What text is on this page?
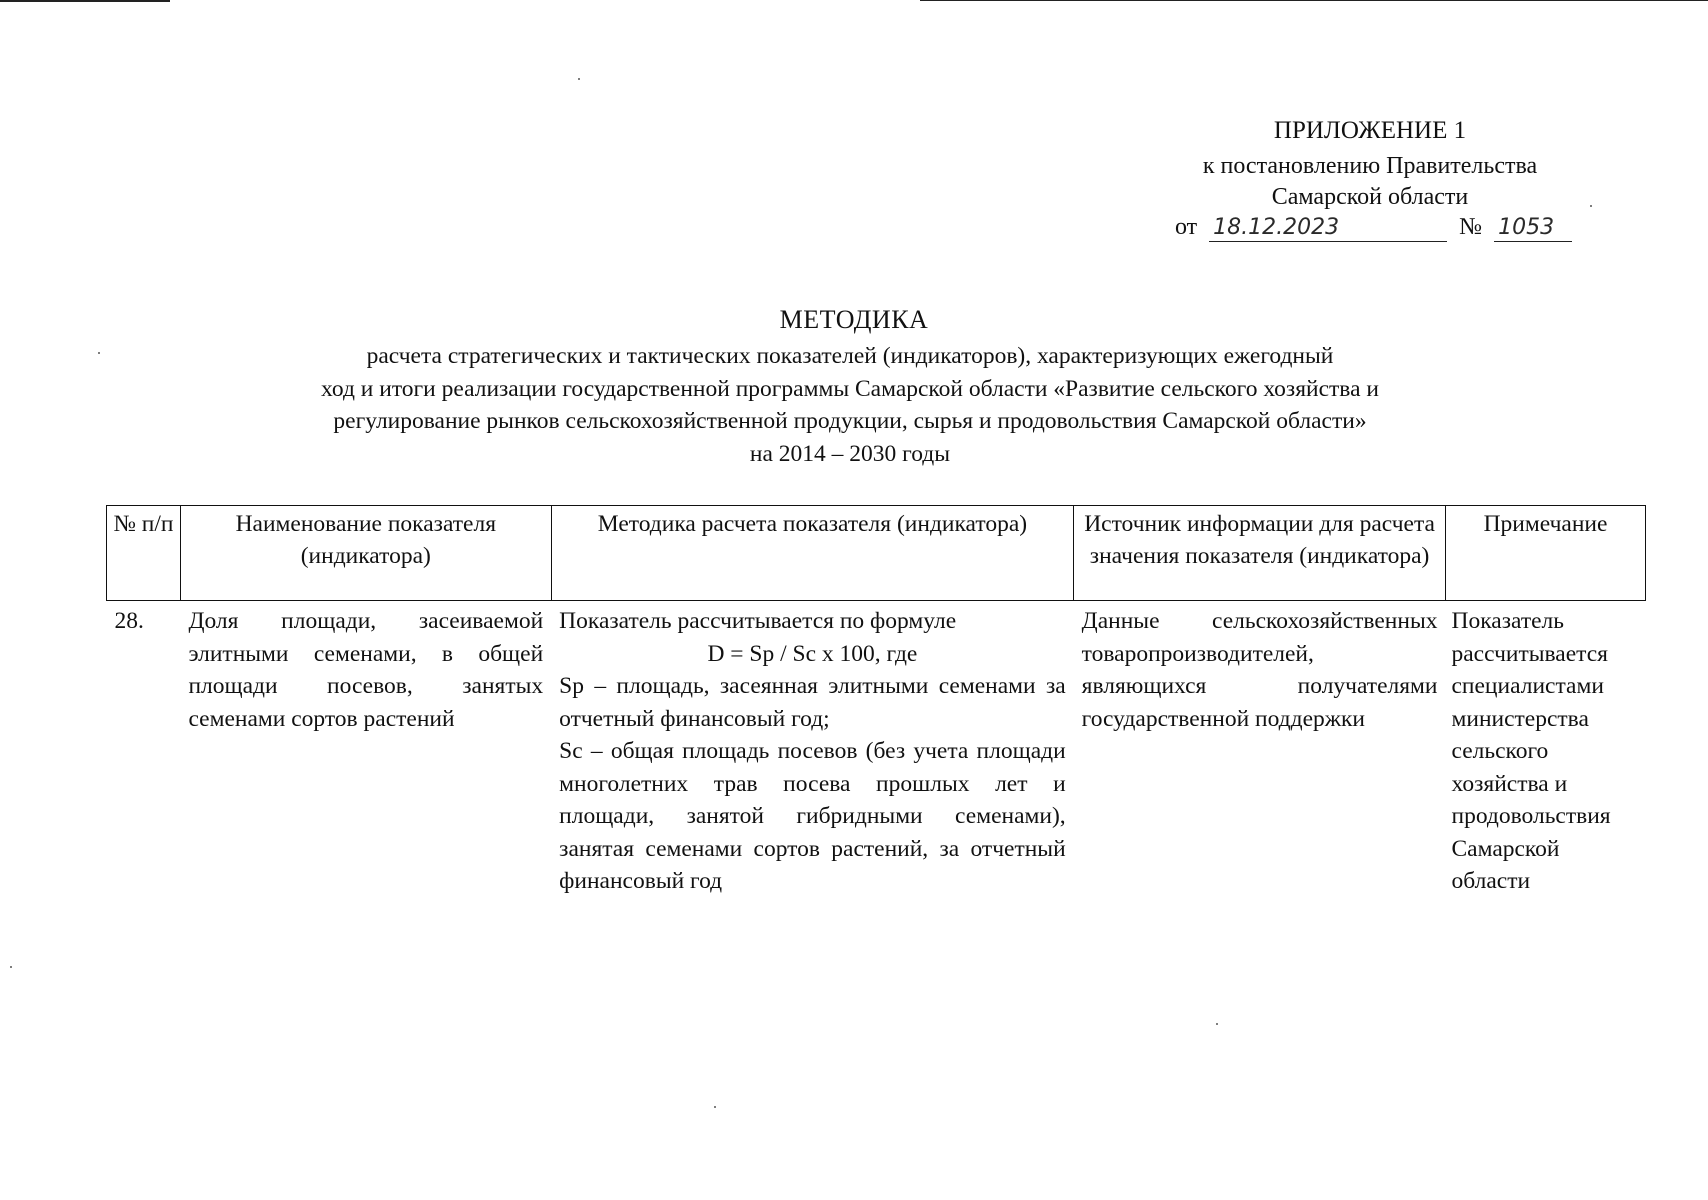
ПРИЛОЖЕНИЕ 1
к постановлению Правительства
Самарской области
от 18.12.2023	№ 1053
МЕТОДИКА
расчета стратегических и тактических показателей (индикаторов), характеризующих ежегодный
ход и итоги реализации государственной программы Самарской области «Развитие сельского хозяйства и
регулирование рынков сельскохозяйственной продукции, сырья и продовольствия Самарской области»
на 2014 – 2030 годы
№ п/п	Наименование показателя (индикатора)	Методика расчета показателя (индикатора)	Источник информации для расчета значения показателя (индикатора)	Примечание
28.	Доля площади, засеиваемой элитными семенами, в общей площади посевов, занятых семенами сортов растений	Показатель рассчитывается по формуле
D = Sp / Sc x 100, где
Sp – площадь, засеянная элитными семенами за отчетный финансовый год;
Sc – общая площадь посевов (без учета площади многолетних трав посева прошлых лет и площади, занятой гибридными семенами), занятая семенами сортов растений, за отчетный финансовый год	Данные сельскохозяйственных товаропроизводителей, являющихся получателями государственной поддержки	Показатель рассчитывается специалистами министерства сельского хозяйства и продовольствия Самарской области
